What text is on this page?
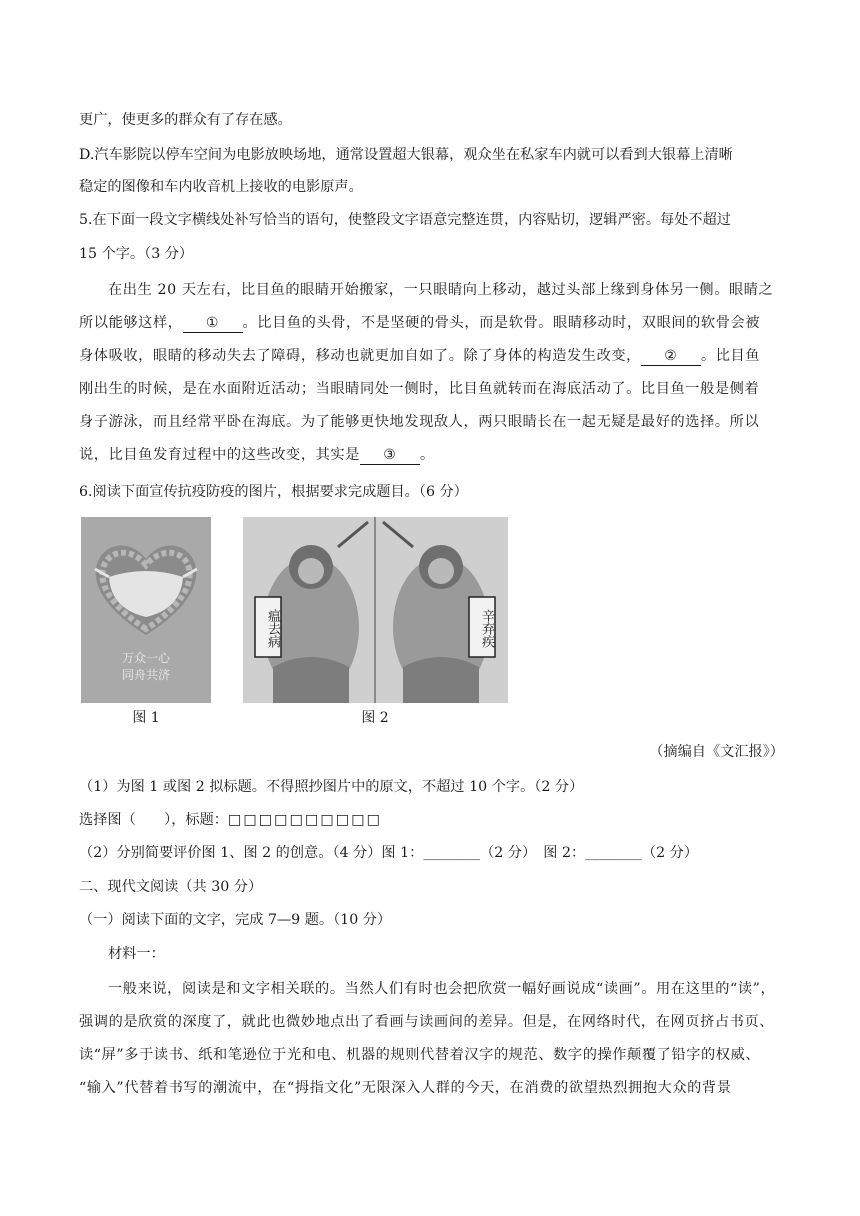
更广，使更多的群众有了存在感。
D.汽车影院以停车空间为电影放映场地，通常设置超大银幕，观众坐在私家车内就可以看到大银幕上清晰
稳定的图像和车内收音机上接收的电影原声。
5.在下面一段文字横线处补写恰当的语句，使整段文字语意完整连贯，内容贴切，逻辑严密。每处不超过
15 个字。（3 分）
在出生 20 天左右，比目鱼的眼睛开始搬家，一只眼睛向上移动，越过头部上缘到身体另一侧。眼睛之
所以能够这样， ① 。比目鱼的头骨，不是坚硬的骨头，而是软骨。眼睛移动时，双眼间的软骨会被
身体吸收，眼睛的移动失去了障碍，移动也就更加自如了。除了身体的构造发生改变， ② 。比目鱼
刚出生的时候，是在水面附近活动；当眼睛同处一侧时，比目鱼就转而在海底活动了。比目鱼一般是侧着
身子游泳，而且经常平卧在海底。为了能够更快地发现敌人，两只眼睛长在一起无疑是最好的选择。所以
说，比目鱼发育过程中的这些改变，其实是 ③ 。
6.阅读下面宣传抗疫防疫的图片，根据要求完成题目。（6 分）
万众一心
同舟共济
图 1
瘟去病	辛弃疾
图 2
（摘编自《文汇报》）
（1）为图 1 或图 2 拟标题。不得照抄图片中的原文，不超过 10 个字。（2 分）
选择图（　　），标题：□□□□□□□□□□
（2）分别简要评价图 1、图 2 的创意。（4 分）图 1：________（2 分）　图 2：________（2 分）
二、现代文阅读（共 30 分）
（一）阅读下面的文字，完成 7—9 题。（10 分）
材料一：
一般来说，阅读是和文字相关联的。当然人们有时也会把欣赏一幅好画说成“读画”。用在这里的“读”，
强调的是欣赏的深度了，就此也微妙地点出了看画与读画间的差异。但是，在网络时代，在网页挤占书页、
读“屏”多于读书、纸和笔逊位于光和电、机器的规则代替着汉字的规范、数字的操作颠覆了铅字的权威、
“输入”代替着书写的潮流中，在“拇指文化”无限深入人群的今天，在消费的欲望热烈拥抱大众的背景
